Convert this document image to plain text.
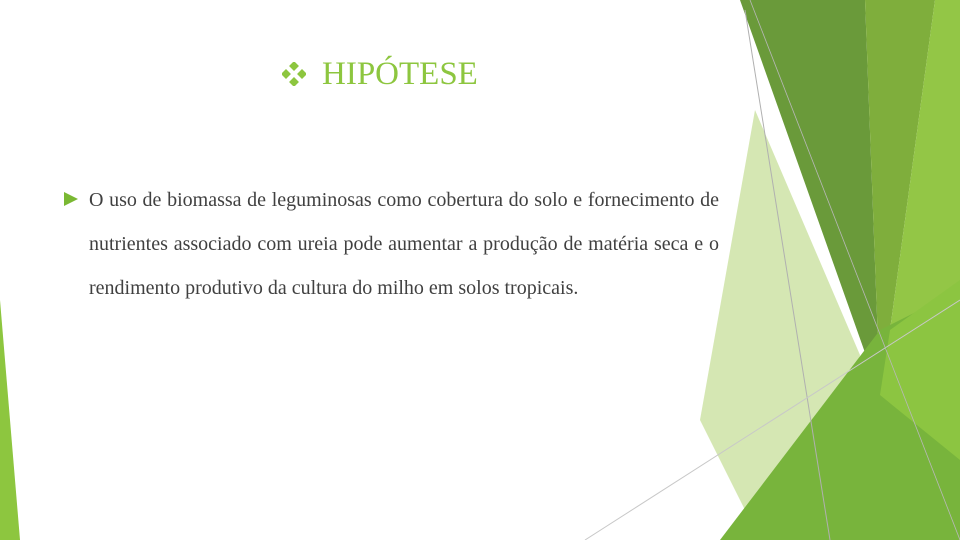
HIPÓTESE
O uso de biomassa de leguminosas como cobertura do solo e fornecimento de nutrientes associado com ureia pode aumentar a produção de matéria seca e o rendimento produtivo da cultura do milho em solos tropicais.
